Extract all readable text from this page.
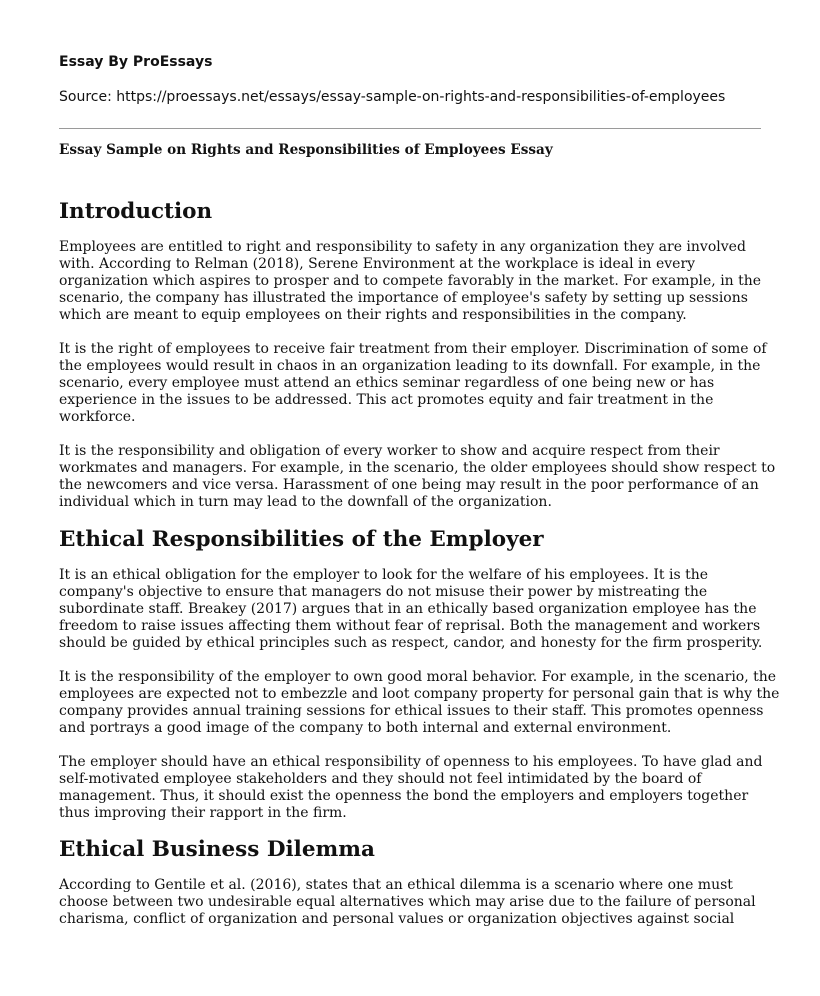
Essay By ProEssays

Source: https://proessays.net/essays/essay-sample-on-rights-and-responsibilities-of-employees

Essay Sample on Rights and Responsibilities of Employees Essay
Introduction

Employees are entitled to right and responsibility to safety in any organization they are involved
with. According to Relman (2018), Serene Environment at the workplace is ideal in every
organization which aspires to prosper and to compete favorably in the market. For example, in the
scenario, the company has illustrated the importance of employee's safety by setting up sessions
which are meant to equip employees on their rights and responsibilities in the company.

It is the right of employees to receive fair treatment from their employer. Discrimination of some of
the employees would result in chaos in an organization leading to its downfall. For example, in the
scenario, every employee must attend an ethics seminar regardless of one being new or has
experience in the issues to be addressed. This act promotes equity and fair treatment in the
workforce.

It is the responsibility and obligation of every worker to show and acquire respect from their
workmates and managers. For example, in the scenario, the older employees should show respect to
the newcomers and vice versa. Harassment of one being may result in the poor performance of an
individual which in turn may lead to the downfall of the organization.

Ethical Responsibilities of the Employer

It is an ethical obligation for the employer to look for the welfare of his employees. It is the
company's objective to ensure that managers do not misuse their power by mistreating the
subordinate staff. Breakey (2017) argues that in an ethically based organization employee has the
freedom to raise issues affecting them without fear of reprisal. Both the management and workers
should be guided by ethical principles such as respect, candor, and honesty for the firm prosperity.

It is the responsibility of the employer to own good moral behavior. For example, in the scenario, the
employees are expected not to embezzle and loot company property for personal gain that is why the
company provides annual training sessions for ethical issues to their staff. This promotes openness
and portrays a good image of the company to both internal and external environment.

The employer should have an ethical responsibility of openness to his employees. To have glad and
self-motivated employee stakeholders and they should not feel intimidated by the board of
management. Thus, it should exist the openness the bond the employers and employers together
thus improving their rapport in the firm.

Ethical Business Dilemma

According to Gentile et al. (2016), states that an ethical dilemma is a scenario where one must
choose between two undesirable equal alternatives which may arise due to the failure of personal
charisma, conflict of organization and personal values or organization objectives against social
